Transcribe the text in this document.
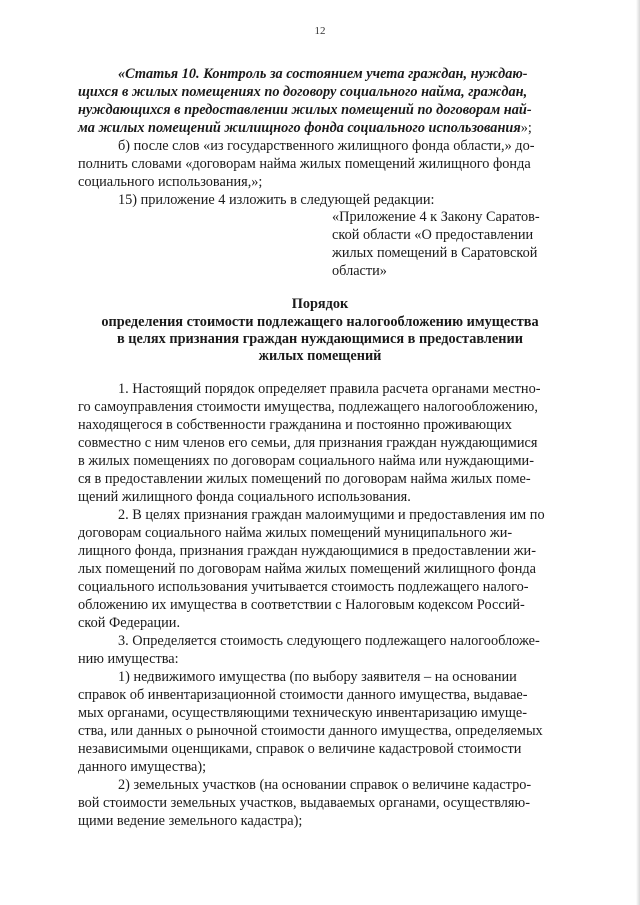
12
«Статья 10. Контроль за состоянием учета граждан, нуждаю-
щихся в жилых помещениях по договору социального найма, граждан,
нуждающихся в предоставлении жилых помещений по договорам най-
ма жилых помещений жилищного фонда социального использования»;
б) после слов «из государственного жилищного фонда области,» до-
полнить словами «договорам найма жилых помещений жилищного фонда
социального использования,»;
15) приложение 4 изложить в следующей редакции:
«Приложение 4 к Закону Саратов-
ской области «О предоставлении
жилых помещений в Саратовской
области»
Порядок
определения стоимости подлежащего налогообложению имущества
в целях признания граждан нуждающимися в предоставлении
жилых помещений
1. Настоящий порядок определяет правила расчета органами местно-
го самоуправления стоимости имущества, подлежащего налогообложению,
находящегося в собственности гражданина и постоянно проживающих
совместно с ним членов его семьи, для признания граждан нуждающимися
в жилых помещениях по договорам социального найма или нуждающими-
ся в предоставлении жилых помещений по договорам найма жилых поме-
щений жилищного фонда социального использования.
2. В целях признания граждан малоимущими и предоставления им по
договорам социального найма жилых помещений муниципального жи-
лищного фонда, признания граждан нуждающимися в предоставлении жи-
лых помещений по договорам найма жилых помещений жилищного фонда
социального использования учитывается стоимость подлежащего налого-
обложению их имущества в соответствии с Налоговым кодексом Россий-
ской Федерации.
3. Определяется стоимость следующего подлежащего налогообложе-
нию имущества:
1) недвижимого имущества (по выбору заявителя – на основании
справок об инвентаризационной стоимости данного имущества, выдавае-
мых органами, осуществляющими техническую инвентаризацию имуще-
ства, или данных о рыночной стоимости данного имущества, определяемых
независимыми оценщиками, справок о величине кадастровой стоимости
данного имущества);
2) земельных участков (на основании справок о величине кадастро-
вой стоимости земельных участков, выдаваемых органами, осуществляю-
щими ведение земельного кадастра);
